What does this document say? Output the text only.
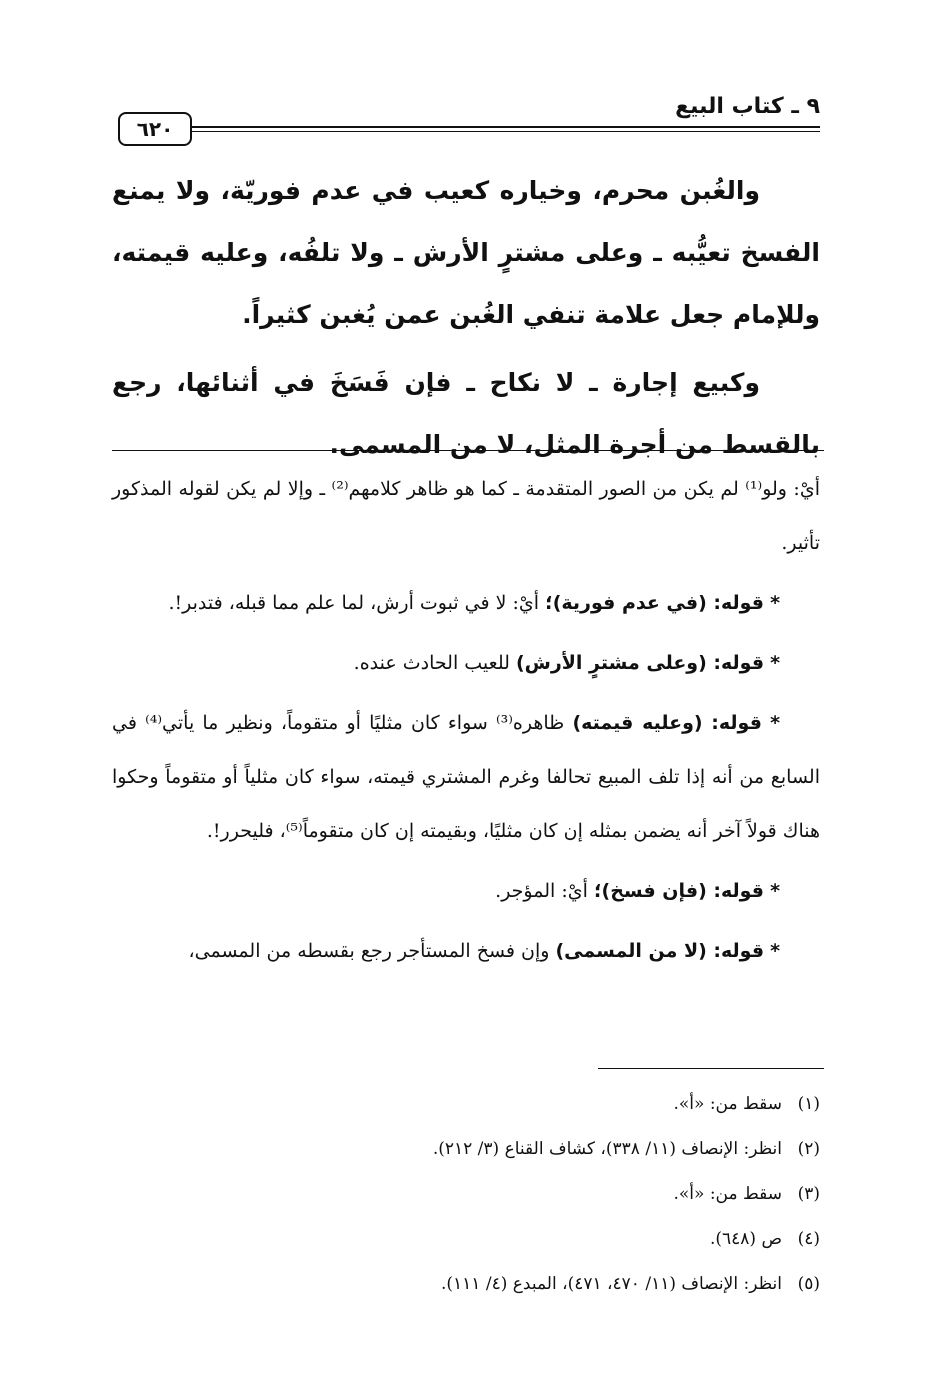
٩ ـ كتاب البيع
٦٢٠

والغُبن محرم، وخياره كعيب في عدم فوريّة، ولا يمنع الفسخ تعيُّبه ـ وعلى مشترٍ الأرش ـ ولا تلفُه، وعليه قيمته، وللإمام جعل علامة تنفي الغُبن عمن يُغبن كثيراً.

وكبيع إجارة ـ لا نكاح ـ فإن فَسَخَ في أثنائها، رجع بالقسط من أجرة المثل، لا من المسمى.

أيْ: ولو⁽¹⁾ لم يكن من الصور المتقدمة ـ كما هو ظاهر كلامهم⁽²⁾ ـ وإلا لم يكن لقوله المذكور تأثير.

* قوله: (في عدم فورية)؛ أيْ: لا في ثبوت أرش، لما علم مما قبله، فتدبر!.

* قوله: (وعلى مشترٍ الأرش) للعيب الحادث عنده.

* قوله: (وعليه قيمته) ظاهره⁽³⁾ سواء كان مثليًا أو متقوماً، ونظير ما يأتي⁽⁴⁾ في السابع من أنه إذا تلف المبيع تحالفا وغرم المشتري قيمته، سواء كان مثلياً أو متقوماً وحكوا هناك قولاً آخر أنه يضمن بمثله إن كان مثليًا، وبقيمته إن كان متقوماً⁽⁵⁾، فليحرر!.

* قوله: (فإن فسخ)؛ أيْ: المؤجر.

* قوله: (لا من المسمى) وإن فسخ المستأجر رجع بقسطه من المسمى،

(١)سقط من: «أ».
(٢)انظر: الإنصاف (١١/ ٣٣٨)، كشاف القناع (٣/ ٢١٢).
(٣)سقط من: «أ».
(٤)ص (٦٤٨).
(٥)انظر: الإنصاف (١١/ ٤٧٠، ٤٧١)، المبدع (٤/ ١١١).
